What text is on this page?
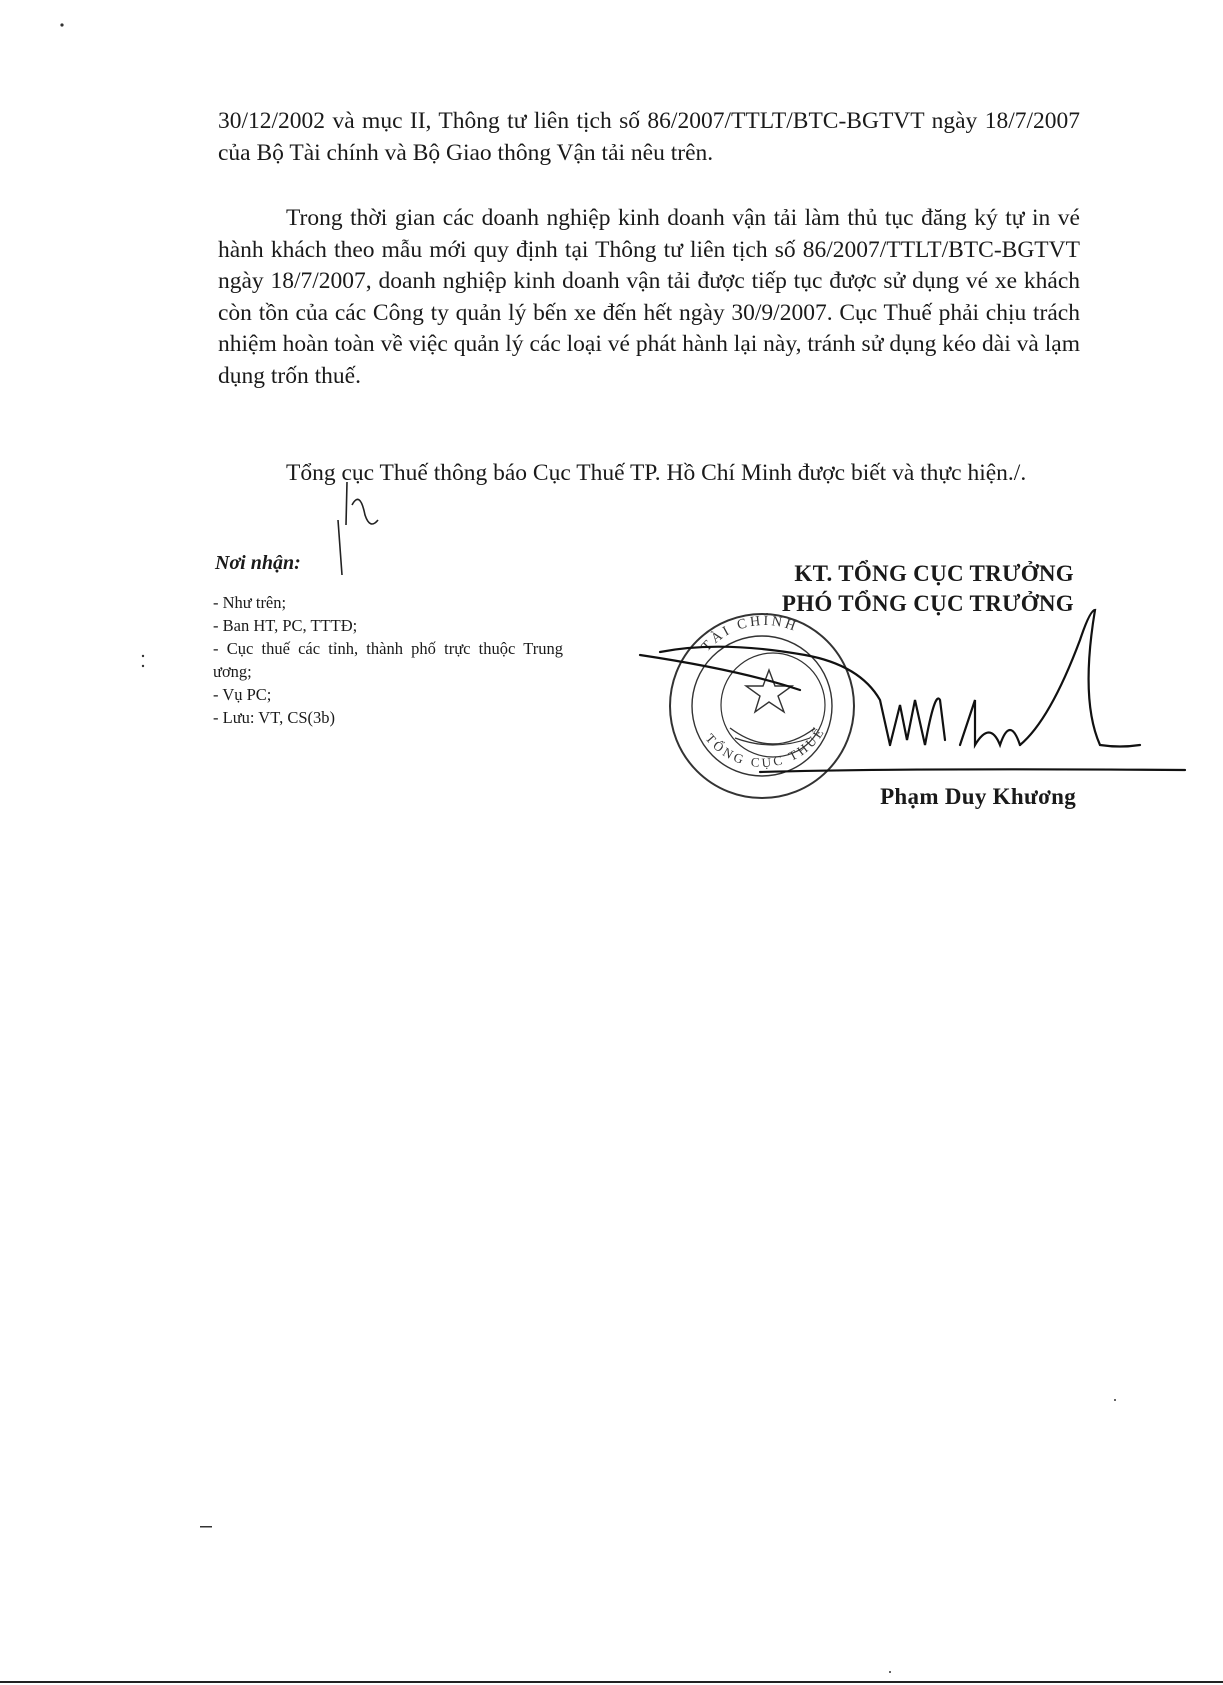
30/12/2002 và mục II, Thông tư liên tịch số 86/2007/TTLT/BTC-BGTVT ngày 18/7/2007 của Bộ Tài chính và Bộ Giao thông Vận tải nêu trên.

Trong thời gian các doanh nghiệp kinh doanh vận tải làm thủ tục đăng ký tự in vé hành khách theo mẫu mới quy định tại Thông tư liên tịch số 86/2007/TTLT/BTC-BGTVT ngày 18/7/2007, doanh nghiệp kinh doanh vận tải được tiếp tục được sử dụng vé xe khách còn tồn của các Công ty quản lý bến xe đến hết ngày 30/9/2007. Cục Thuế phải chịu trách nhiệm hoàn toàn về việc quản lý các loại vé phát hành lại này, tránh sử dụng kéo dài và lạm dụng trốn thuế.

Tổng cục Thuế thông báo Cục Thuế TP. Hồ Chí Minh được biết và thực hiện./.

Nơi nhận:
- Như trên;
- Ban HT, PC, TTTĐ;
- Cục thuế các tỉnh, thành phố trực thuộc Trung ương;
- Vụ PC;
- Lưu: VT, CS(3b)
KT. TỔNG CỤC TRƯỞNG
PHÓ TỔNG CỤC TRƯỞNG
Phạm Duy Khương
TÀI CHÍNH
TỔNG CỤC THUẾ
